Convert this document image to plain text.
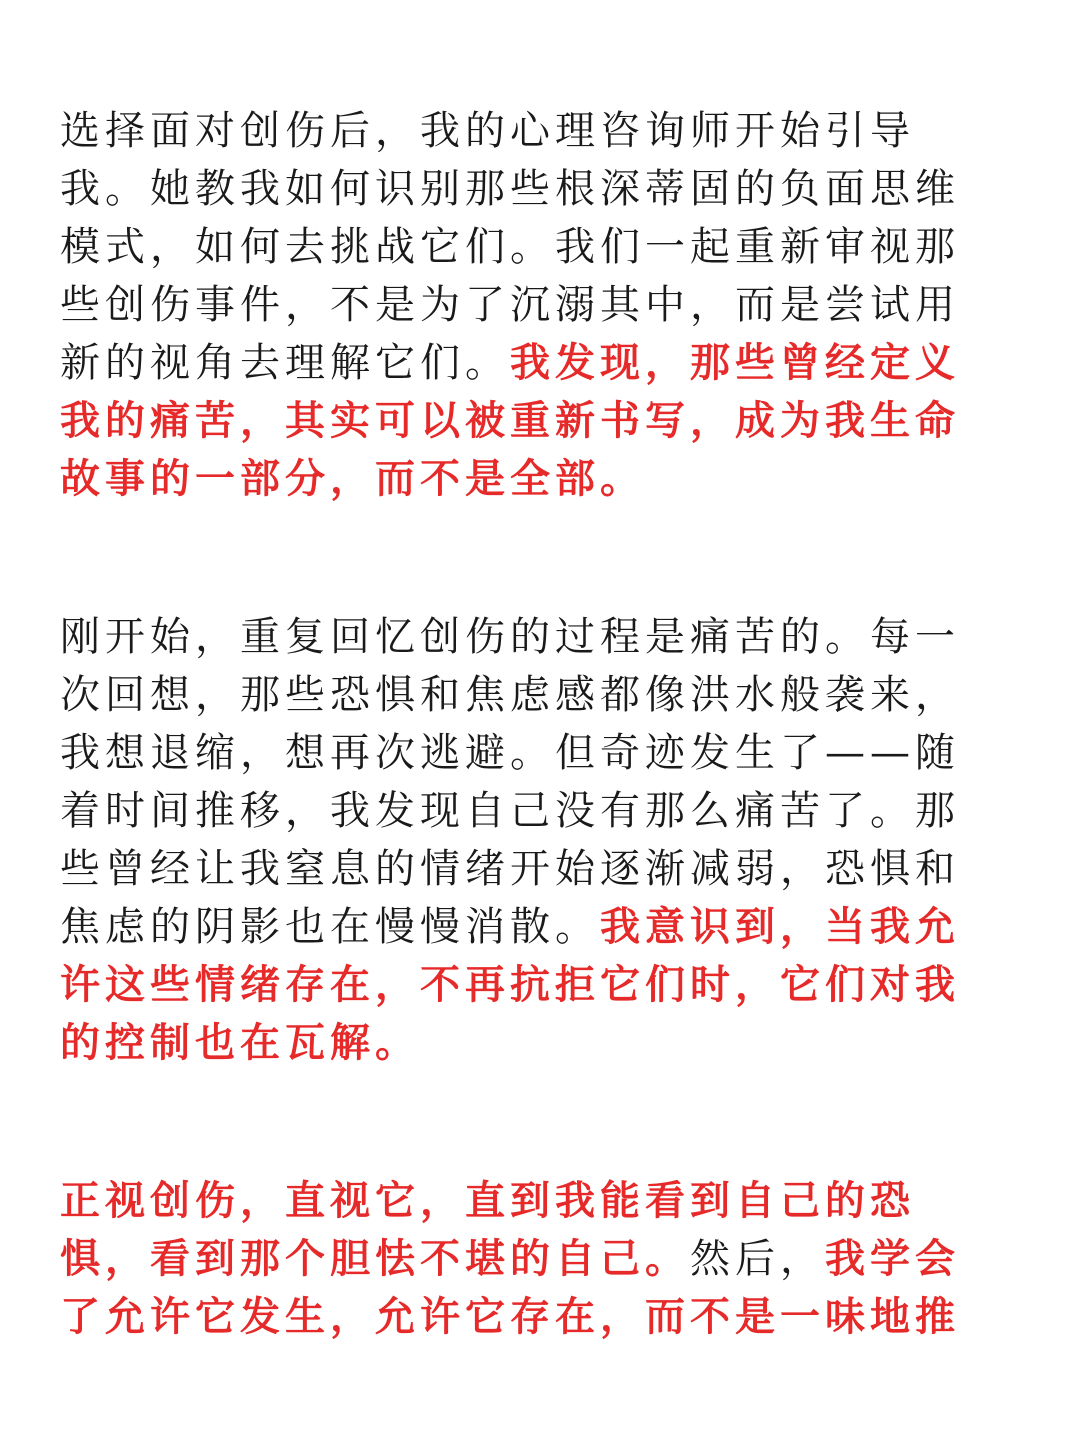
选择面对创伤后，我的心理咨询师开始引导
我。她教我如何识别那些根深蒂固的负面思维
模式，如何去挑战它们。我们一起重新审视那
些创伤事件，不是为了沉溺其中，而是尝试用
新的视角去理解它们。我发现，那些曾经定义
我的痛苦，其实可以被重新书写，成为我生命
故事的一部分，而不是全部。
刚开始，重复回忆创伤的过程是痛苦的。每一
次回想，那些恐惧和焦虑感都像洪水般袭来，
我想退缩，想再次逃避。但奇迹发生了——随
着时间推移，我发现自己没有那么痛苦了。那
些曾经让我窒息的情绪开始逐渐减弱，恐惧和
焦虑的阴影也在慢慢消散。我意识到，当我允
许这些情绪存在，不再抗拒它们时，它们对我
的控制也在瓦解。
正视创伤，直视它，直到我能看到自己的恐
惧，看到那个胆怯不堪的自己。然后，我学会
了允许它发生，允许它存在，而不是一味地推
